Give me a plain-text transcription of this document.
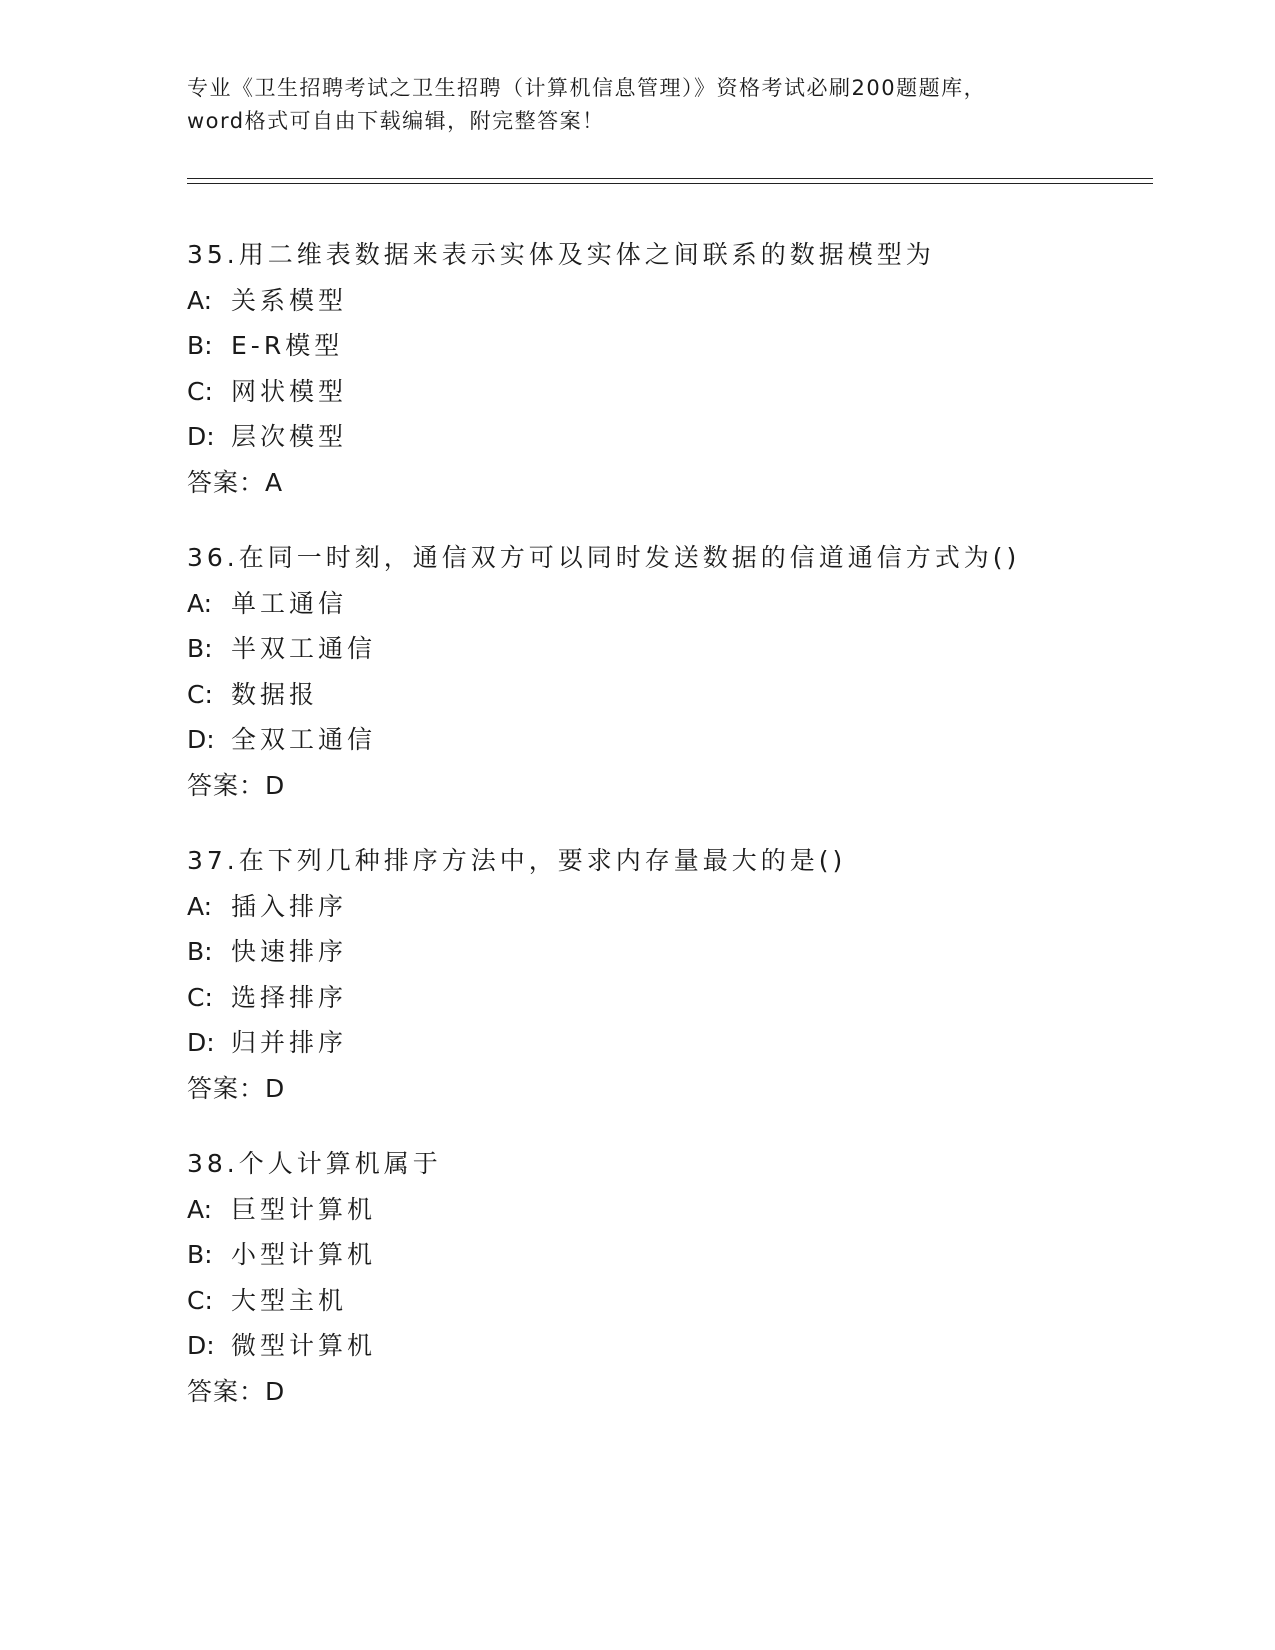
专业《卫生招聘考试之卫生招聘（计算机信息管理）》资格考试必刷200题题库，

word格式可自由下载编辑，附完整答案！

35.用二维表数据来表示实体及实体之间联系的数据模型为
A: 关系模型
B: E-R模型
C: 网状模型
D: 层次模型
答案：A
36.在同一时刻，通信双方可以同时发送数据的信道通信方式为()
A: 单工通信
B: 半双工通信
C: 数据报
D: 全双工通信
答案：D
37.在下列几种排序方法中，要求内存量最大的是()
A: 插入排序
B: 快速排序
C: 选择排序
D: 归并排序
答案：D
38.个人计算机属于
A: 巨型计算机
B: 小型计算机
C: 大型主机
D: 微型计算机
答案：D
